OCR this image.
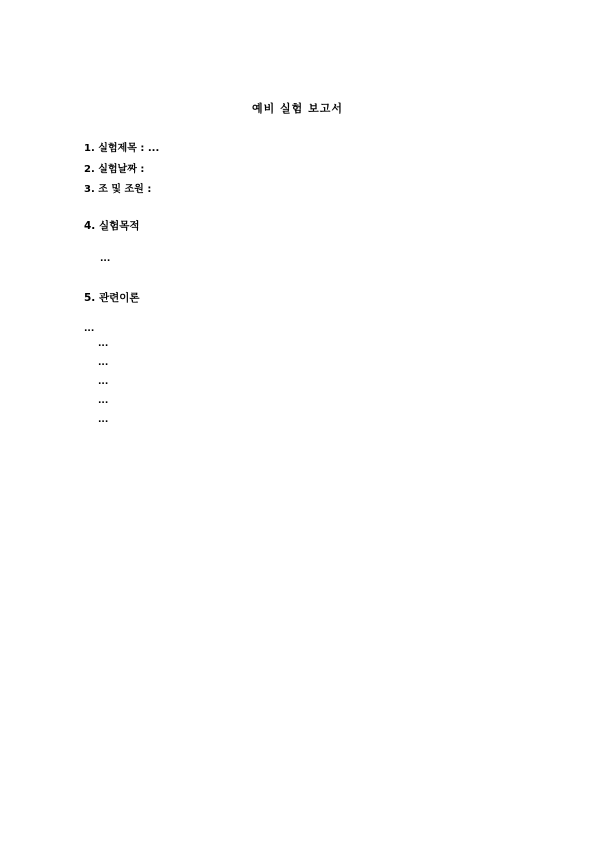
예비 실험 보고서
1. 실험제목 : ...
2. 실험날짜 :
3. 조 및 조원 :
4. 실험목적
...
5. 관련이론
...

...

...

...

...

...
